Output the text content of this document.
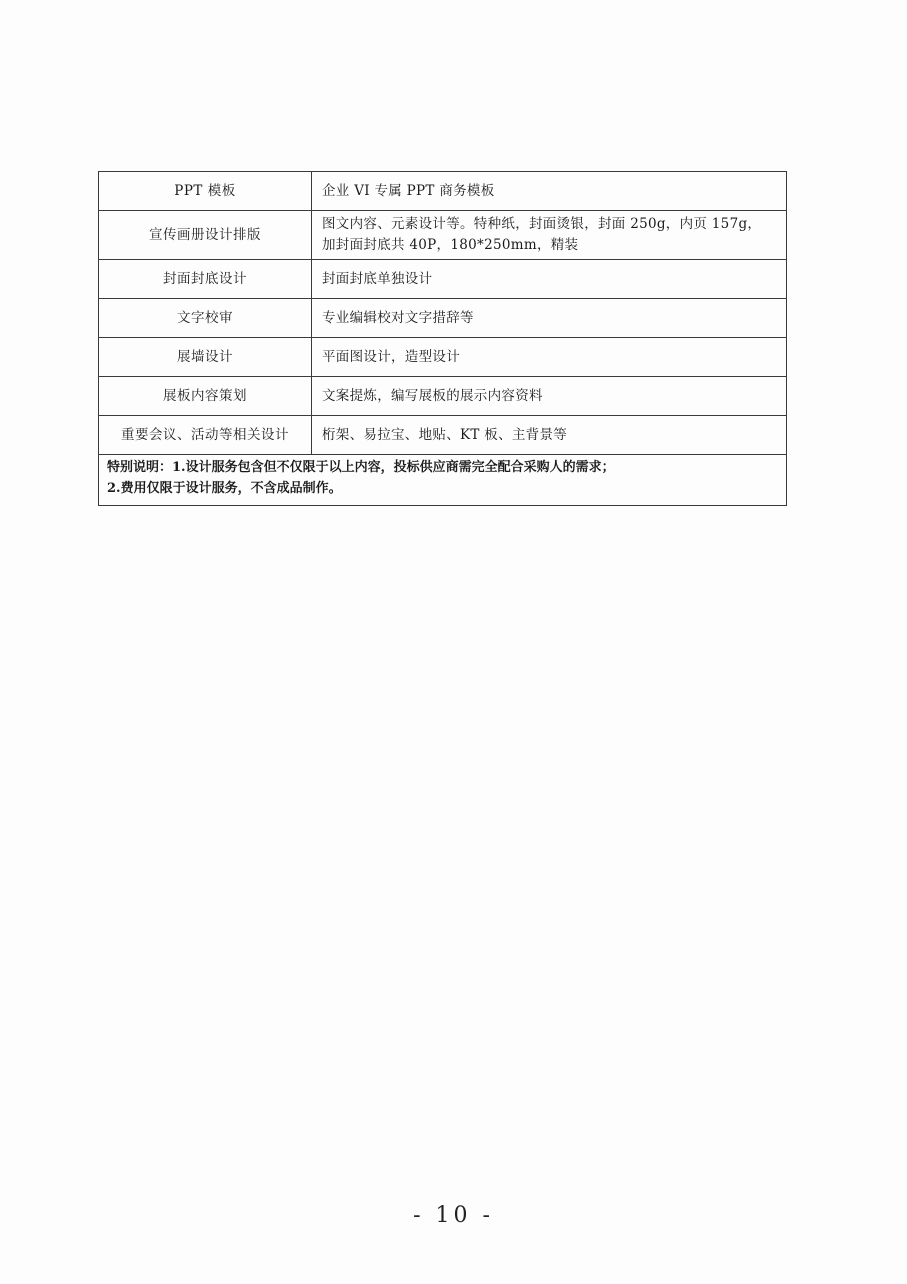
PPT 模板	企业 VI 专属 PPT 商务模板
宣传画册设计排版	图文内容、元素设计等。特种纸，封面烫银，封面 250g，内页 157g，
加封面封底共 40P，180*250mm，精装

封面封底设计	封面封底单独设计
文字校审	专业编辑校对文字措辞等
展墙设计	平面图设计，造型设计
展板内容策划	文案提炼，编写展板的展示内容资料
重要会议、活动等相关设计	桁架、易拉宝、地贴、KT 板、主背景等

特别说明：1.设计服务包含但不仅限于以上内容，投标供应商需完全配合采购人的需求；
2.费用仅限于设计服务，不含成品制作。	
- 10 -
